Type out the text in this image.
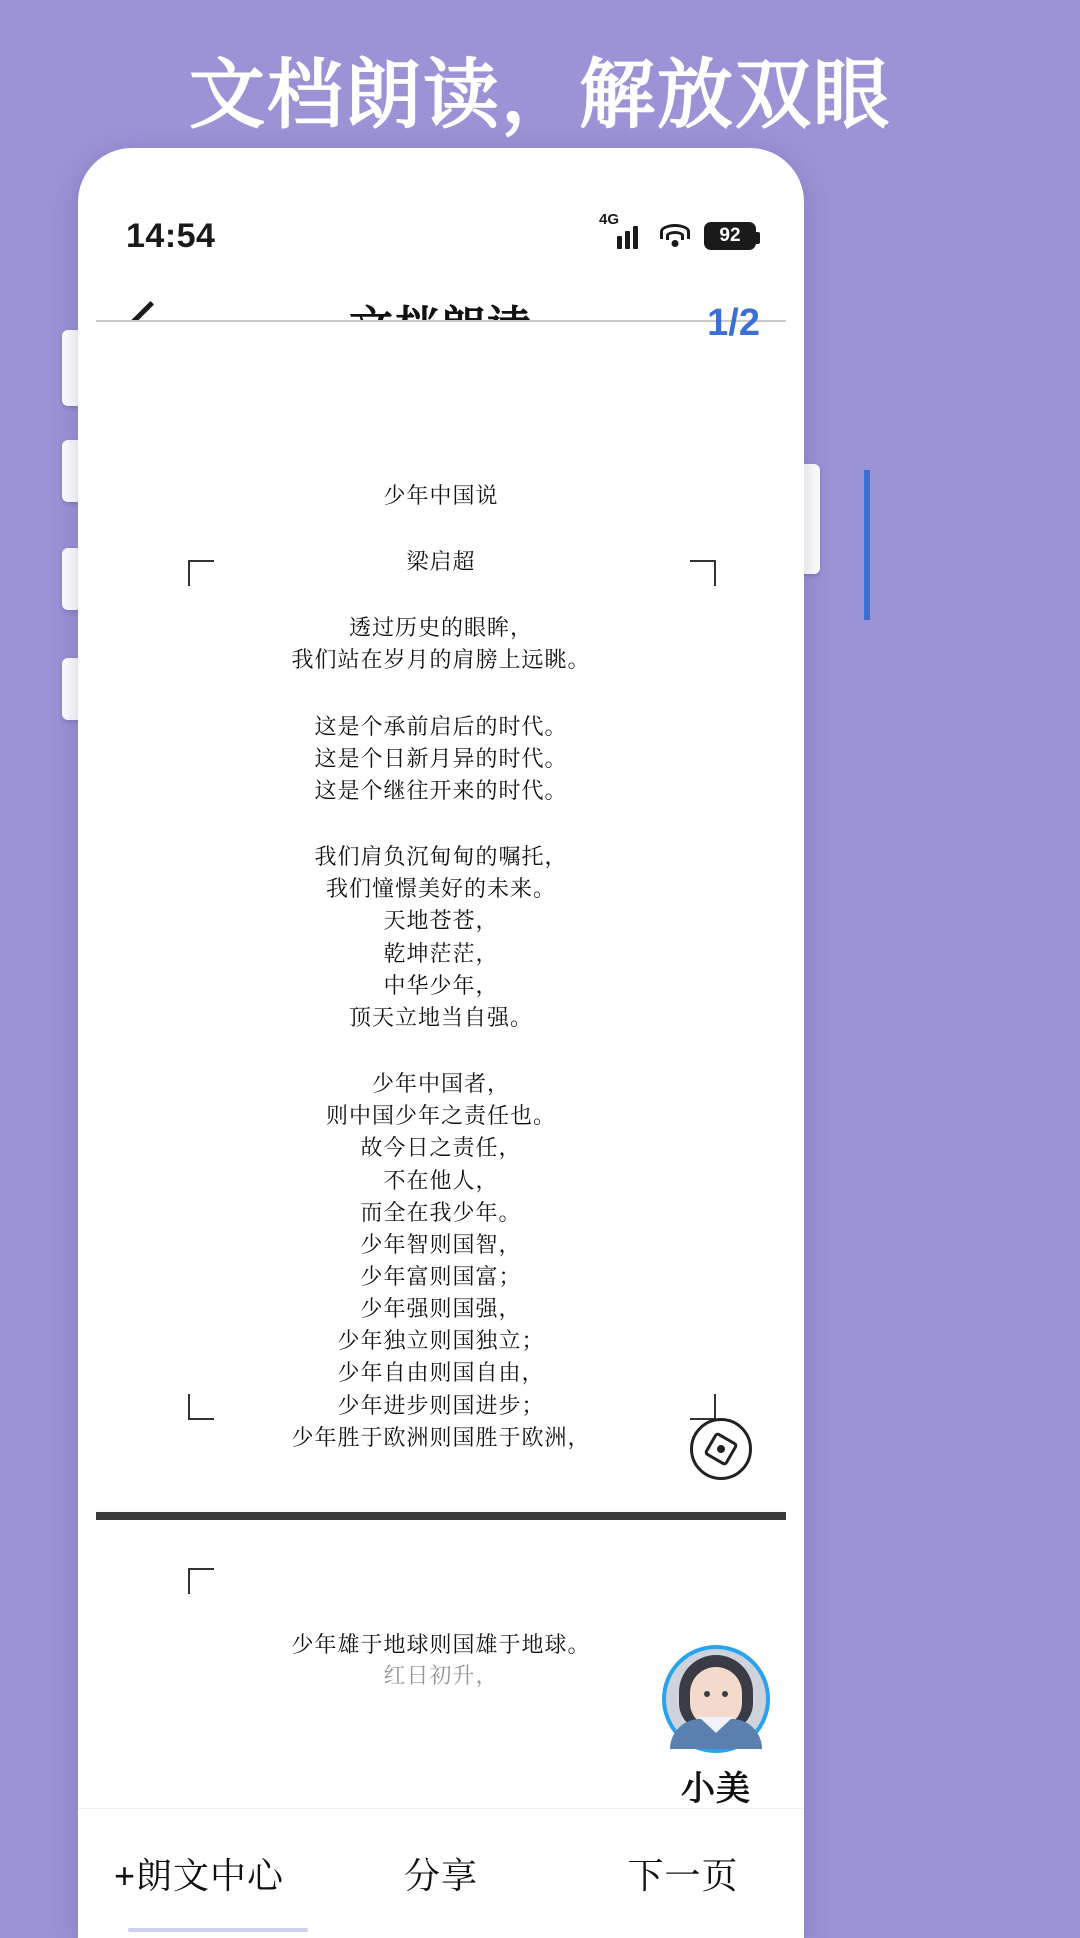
文档朗读，解放双眼
14:54	4G
92
1/2

少年中国说

梁启超

透过历史的眼眸，

我们站在岁月的肩膀上远眺。

这是个承前启后的时代。

这是个日新月异的时代。

这是个继往开来的时代。

我们肩负沉甸甸的嘱托，

我们憧憬美好的未来。

天地苍苍，

乾坤茫茫，

中华少年，

顶天立地当自强。

少年中国者，

则中国少年之责任也。

故今日之责任，

不在他人，

而全在我少年。

少年智则国智，

少年富则国富；

少年强则国强，

少年独立则国独立；

少年自由则国自由，

少年进步则国进步；

少年胜于欧洲则国胜于欧洲，

少年雄于地球则国雄于地球。
红日初升，
小美
+朗文中心	分享	下一页
